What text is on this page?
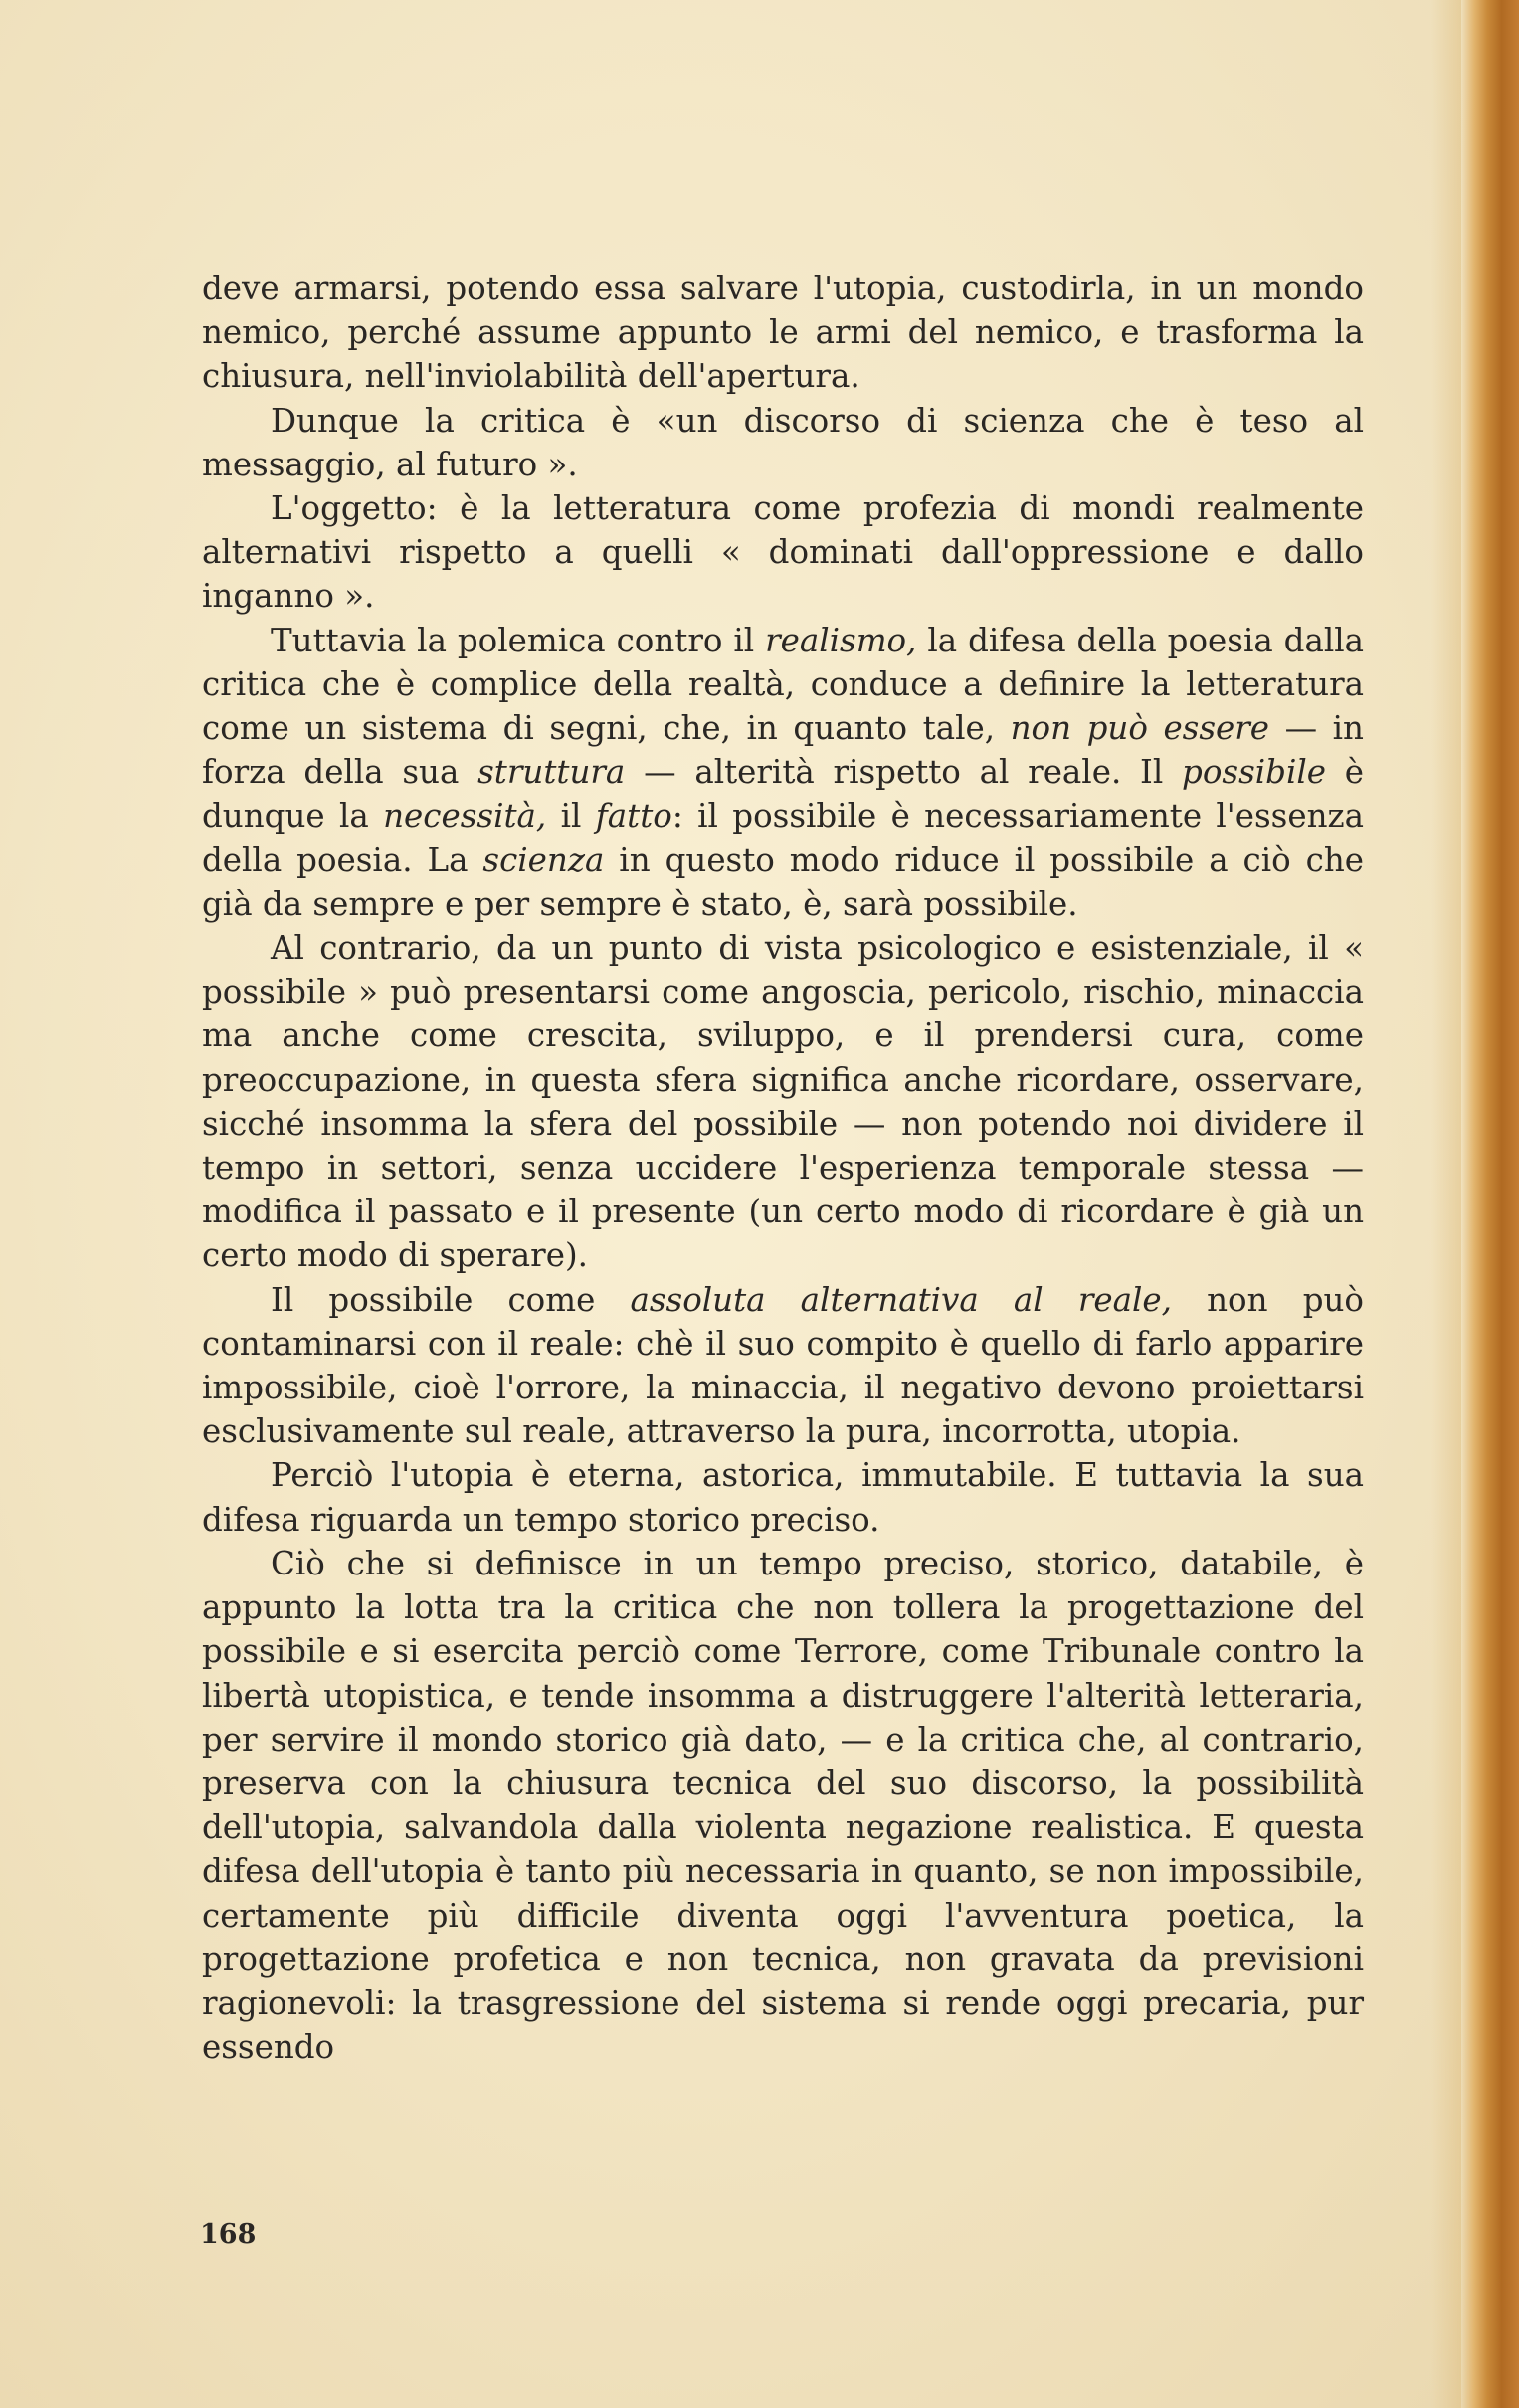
deve armarsi, potendo essa salvare l'utopia, custodirla, in un mondo nemico, perché assume appunto le armi del nemico, e trasforma la chiusura, nell'inviolabilità dell'apertura.

Dunque la critica è «un discorso di scienza che è teso al messaggio, al futuro ».

L'oggetto: è la letteratura come profezia di mondi realmente alternativi rispetto a quelli « dominati dall'oppressione e dallo inganno ».

Tuttavia la polemica contro il realismo, la difesa della poesia dalla critica che è complice della realtà, conduce a definire la letteratura come un sistema di segni, che, in quanto tale, non può essere — in forza della sua struttura — alterità rispetto al reale. Il possibile è dunque la necessità, il fatto: il possibile è necessariamente l'essenza della poesia. La scienza in questo modo riduce il possibile a ciò che già da sempre e per sempre è stato, è, sarà possibile.

Al contrario, da un punto di vista psicologico e esistenziale, il « possibile » può presentarsi come angoscia, pericolo, rischio, minaccia ma anche come crescita, sviluppo, e il prendersi cura, come preoccupazione, in questa sfera significa anche ricordare, osservare, sicché insomma la sfera del possibile — non potendo noi dividere il tempo in settori, senza uccidere l'esperienza temporale stessa — modifica il passato e il presente (un certo modo di ricordare è già un certo modo di sperare).

Il possibile come assoluta alternativa al reale, non può contaminarsi con il reale: chè il suo compito è quello di farlo apparire impossibile, cioè l'orrore, la minaccia, il negativo devono proiettarsi esclusivamente sul reale, attraverso la pura, incorrotta, utopia.

Perciò l'utopia è eterna, astorica, immutabile. E tuttavia la sua difesa riguarda un tempo storico preciso.

Ciò che si definisce in un tempo preciso, storico, databile, è appunto la lotta tra la critica che non tollera la progettazione del possibile e si esercita perciò come Terrore, come Tribunale contro la libertà utopistica, e tende insomma a distruggere l'alterità letteraria, per servire il mondo storico già dato, — e la critica che, al contrario, preserva con la chiusura tecnica del suo discorso, la possibilità dell'utopia, salvandola dalla violenta negazione realistica. E questa difesa dell'utopia è tanto più necessaria in quanto, se non impossibile, certamente più difficile diventa oggi l'avventura poetica, la progettazione profetica e non tecnica, non gravata da previsioni ragionevoli: la trasgressione del sistema si rende oggi precaria, pur essendo

168
